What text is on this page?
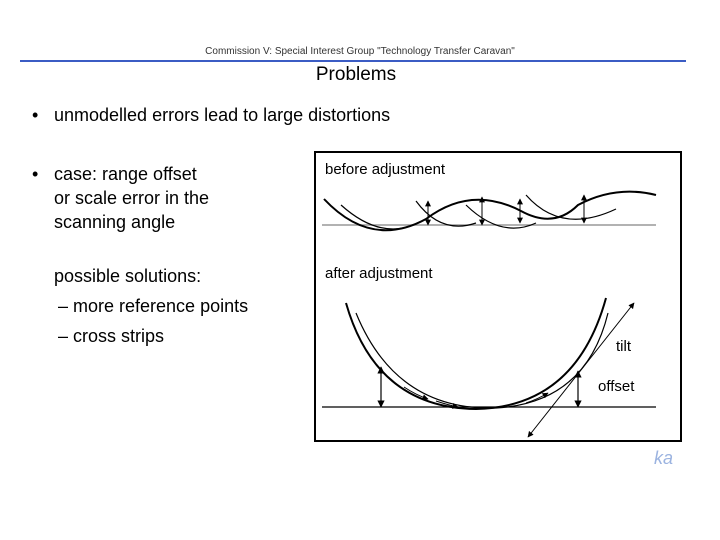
Commission V: Special Interest Group "Technology Transfer Caravan"
Problems
• unmodelled errors lead to large distortions
• case: range offset
or scale error in the
scanning angle
possible solutions:
– more reference points
– cross strips
before adjustment
after adjustment
tilt
offset
ka
